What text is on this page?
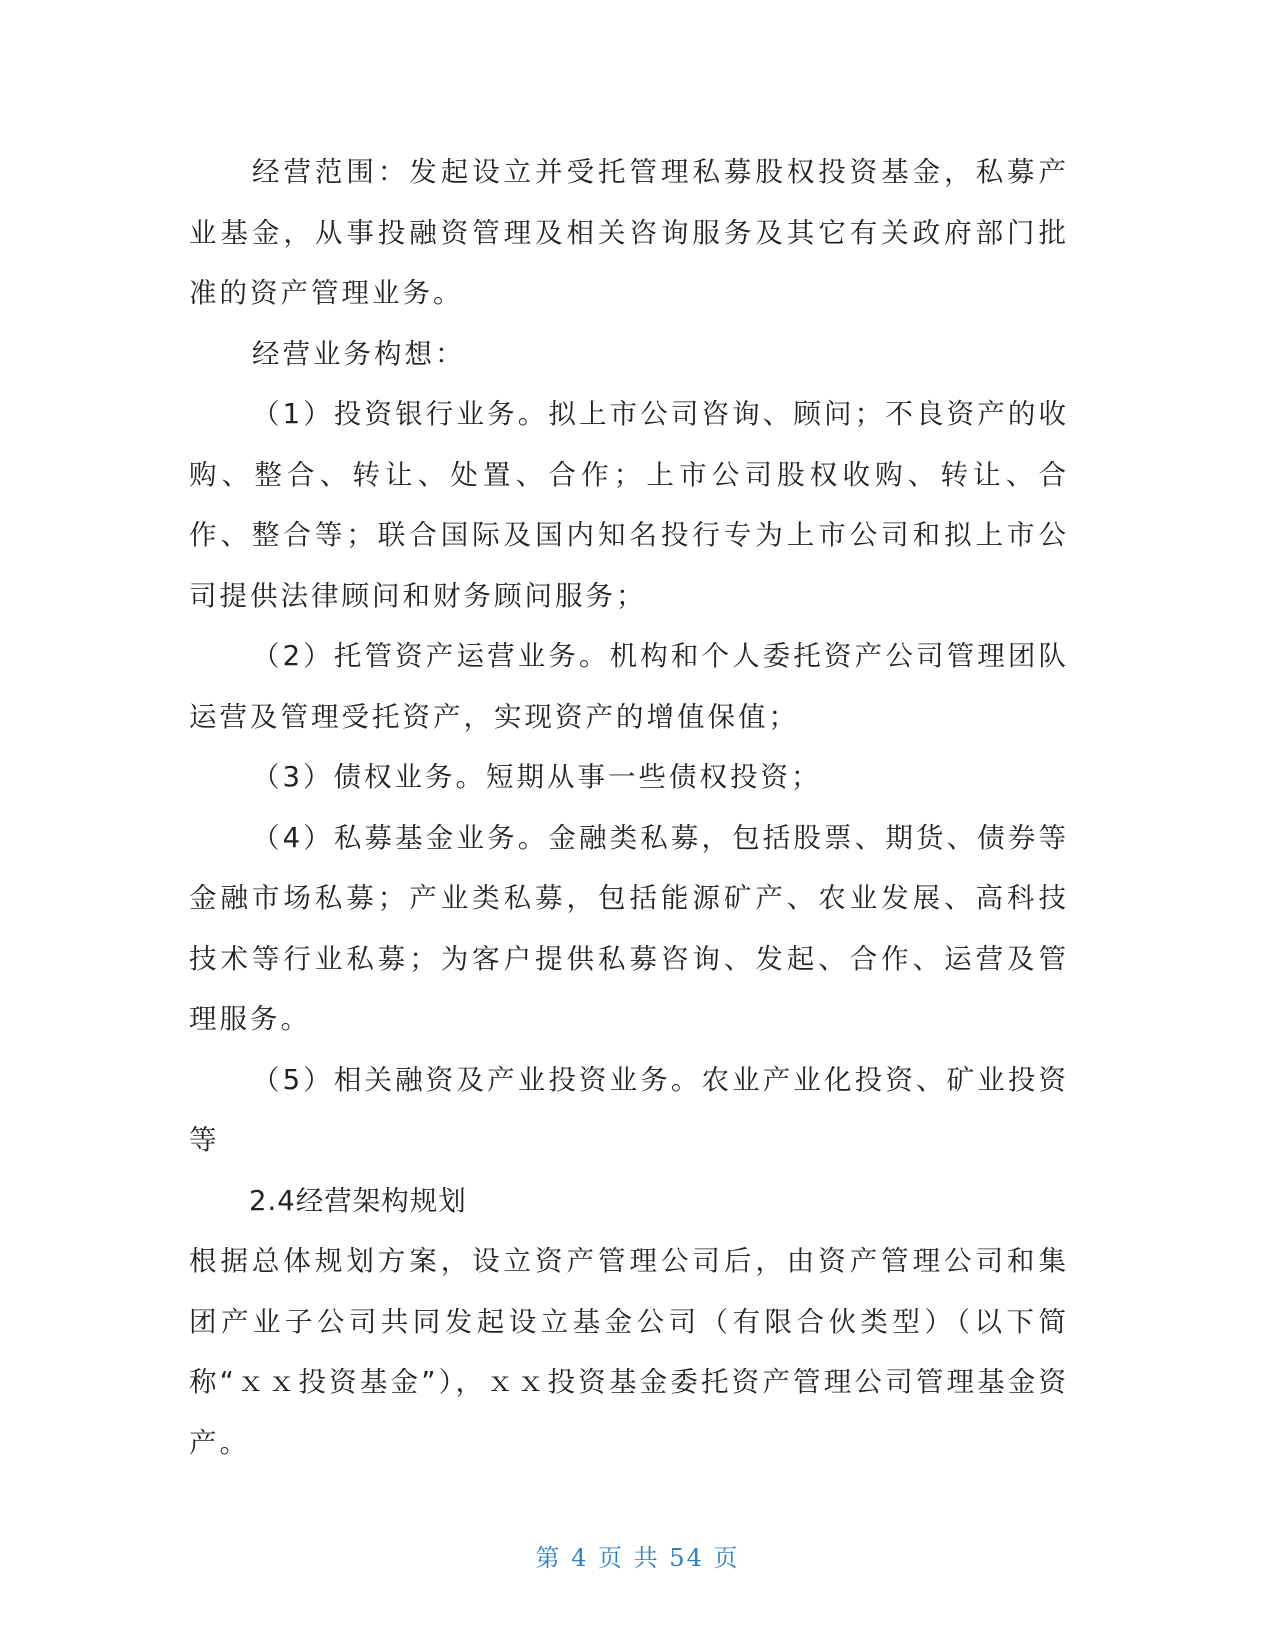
经营范围：发起设立并受托管理私募股权投资基金，私募产业基金，从事投融资管理及相关咨询服务及其它有关政府部门批准的资产管理业务。

经营业务构想：

（1）投资银行业务。拟上市公司咨询、顾问；不良资产的收购、整合、转让、处置、合作；上市公司股权收购、转让、合作、整合等；联合国际及国内知名投行专为上市公司和拟上市公司提供法律顾问和财务顾问服务；

（2）托管资产运营业务。机构和个人委托资产公司管理团队运营及管理受托资产，实现资产的增值保值；

（3）债权业务。短期从事一些债权投资；

（4）私募基金业务。金融类私募，包括股票、期货、债券等金融市场私募；产业类私募，包括能源矿产、农业发展、高科技技术等行业私募；为客户提供私募咨询、发起、合作、运营及管理服务。

（5）相关融资及产业投资业务。农业产业化投资、矿业投资等

2.4经营架构规划

根据总体规划方案，设立资产管理公司后，由资产管理公司和集团产业子公司共同发起设立基金公司（有限合伙类型）（以下简称“ｘｘ投资基金”），ｘｘ投资基金委托资产管理公司管理基金资产。

第 4 页 共 54 页
